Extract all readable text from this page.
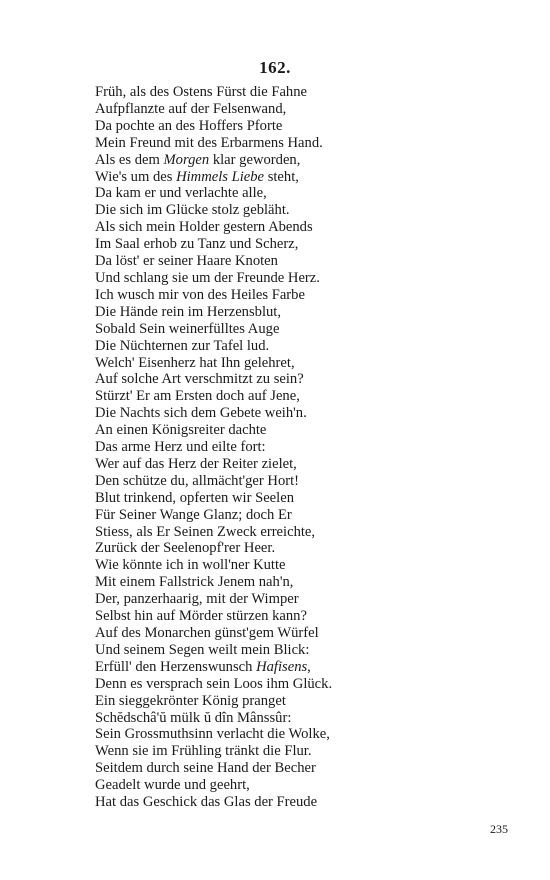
162.
Früh, als des Ostens Fürst die Fahne
Aufpflanzte auf der Felsenwand,
Da pochte an des Hoffers Pforte
Mein Freund mit des Erbarmens Hand.
Als es dem Morgen klar geworden,
Wie's um des Himmels Liebe steht,
Da kam er und verlachte alle,
Die sich im Glücke stolz gebläht.
Als sich mein Holder gestern Abends
Im Saal erhob zu Tanz und Scherz,
Da löst' er seiner Haare Knoten
Und schlang sie um der Freunde Herz.
Ich wusch mir von des Heiles Farbe
Die Hände rein im Herzensblut,
Sobald Sein weinerfülltes Auge
Die Nüchternen zur Tafel lud.
Welch' Eisenherz hat Ihn gelehret,
Auf solche Art verschmitzt zu sein?
Stürzt' Er am Ersten doch auf Jene,
Die Nachts sich dem Gebete weih'n.
An einen Königsreiter dachte
Das arme Herz und eilte fort:
Wer auf das Herz der Reiter zielet,
Den schütze du, allmächt'ger Hort!
Blut trinkend, opferten wir Seelen
Für Seiner Wange Glanz; doch Er
Stiess, als Er Seinen Zweck erreichte,
Zurück der Seelenopf'rer Heer.
Wie könnte ich in woll'ner Kutte
Mit einem Fallstrick Jenem nah'n,
Der, panzerhaarig, mit der Wimper
Selbst hin auf Mörder stürzen kann?
Auf des Monarchen günst'gem Würfel
Und seinem Segen weilt mein Blick:
Erfüll' den Herzenswunsch Hafisens,
Denn es versprach sein Loos ihm Glück.
Ein sieggekrönter König pranget
Schĕdschâ'ŭ mülk ŭ dîn Mânssûr:
Sein Grossmuthsinn verlacht die Wolke,
Wenn sie im Frühling tränkt die Flur.
Seitdem durch seine Hand der Becher
Geadelt wurde und geehrt,
Hat das Geschick das Glas der Freude
235
